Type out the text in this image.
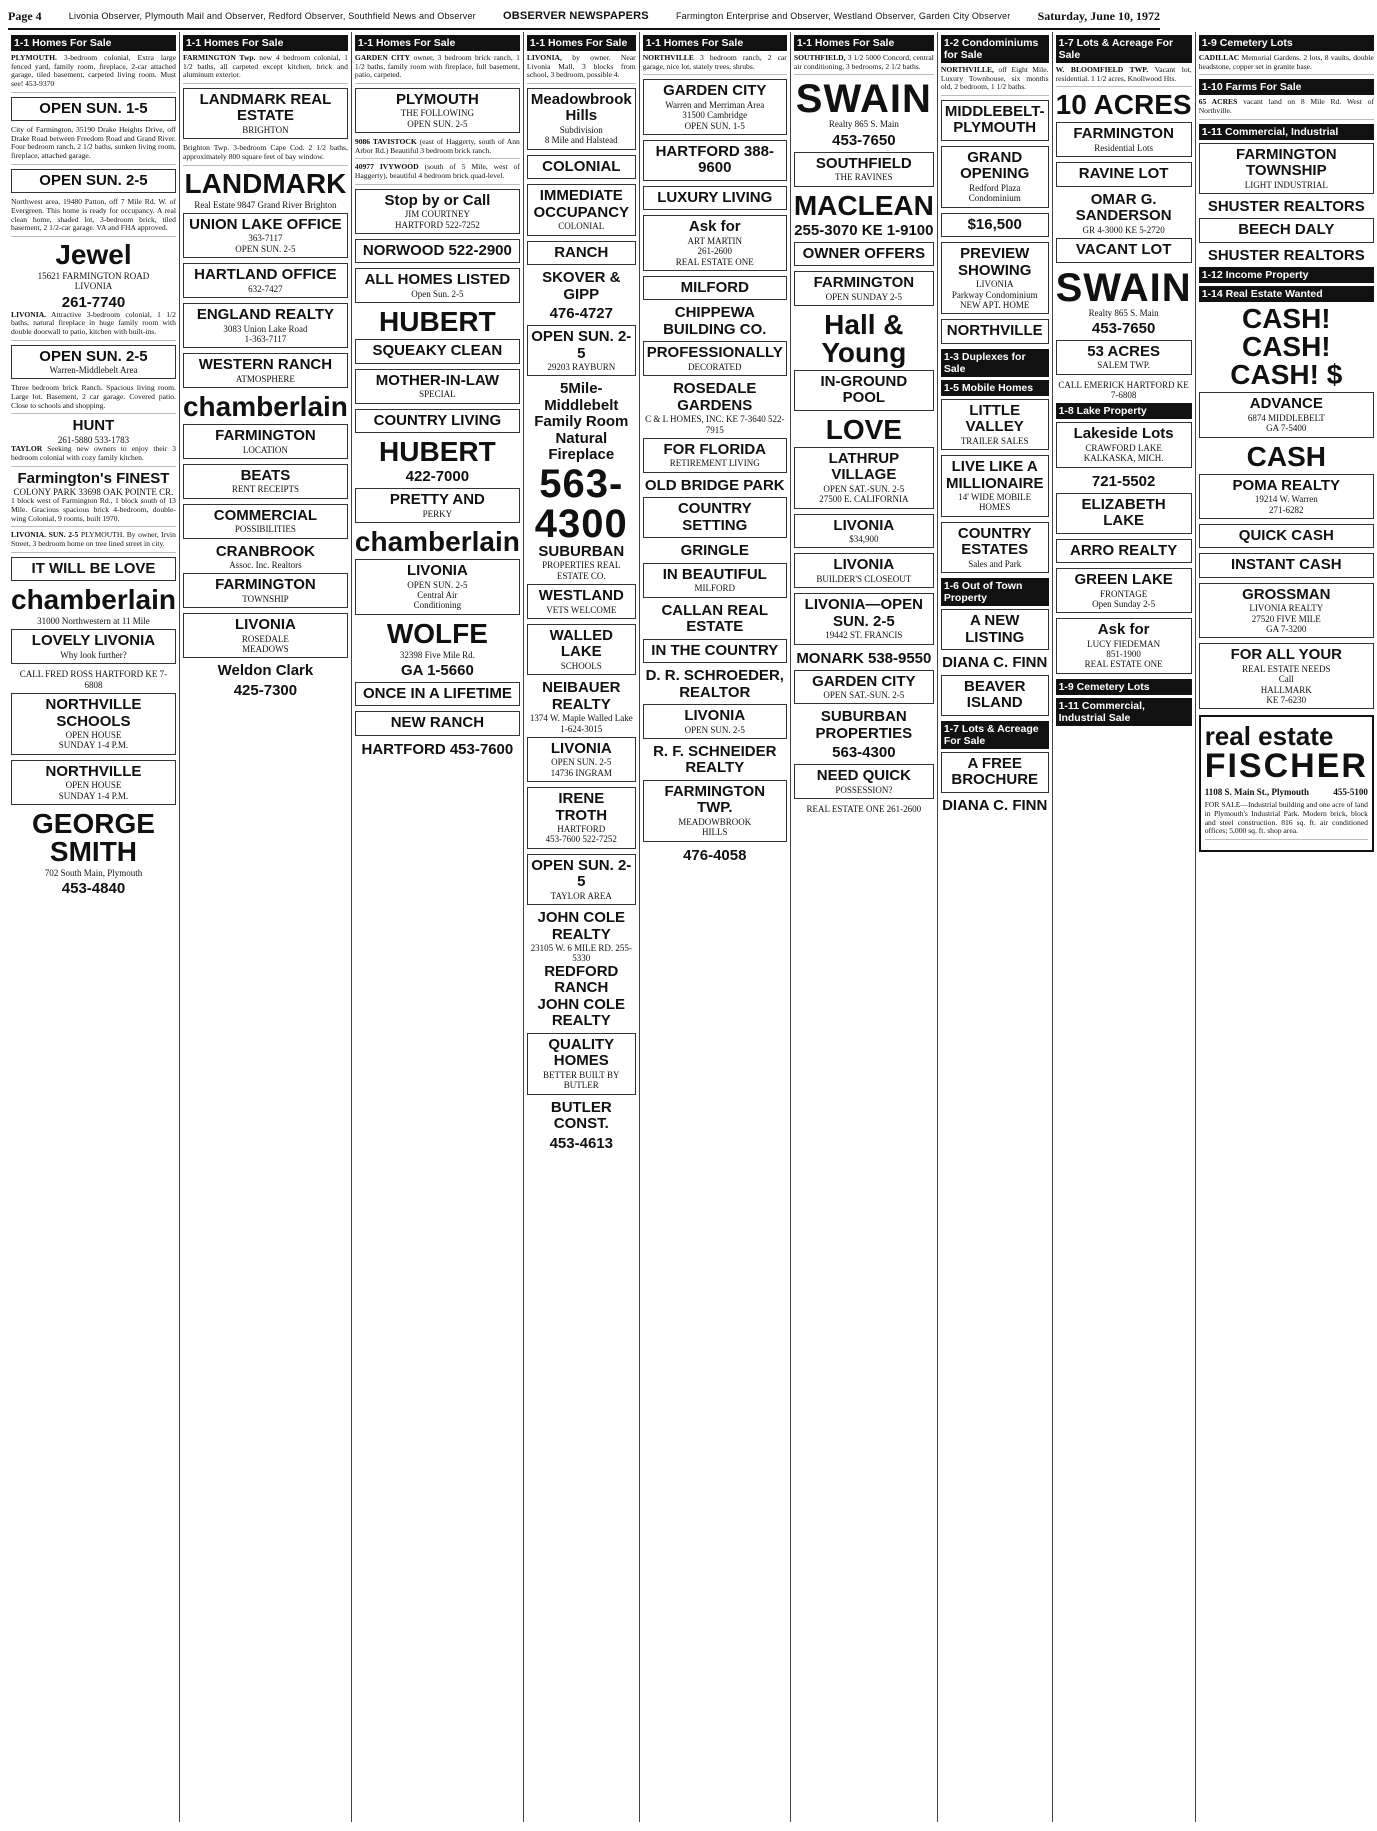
Page 4	Livonia Observer, Plymouth Mail and Observer, Redford Observer, Southfield News and Observer OBSERVER NEWSPAPERS	Farmington Enterprise and Observer, Westland Observer, Garden City Observer Saturday, June 10, 1972
1-1 Homes For Sale
PLYMOUTH. 3-bedroom colonial, Extra large fenced yard, family room, fireplace, 2-car attached garage, tiled basement, carpeted living room. Must see! 453-9370
OPEN SUN. 1-5
City of Farmington, 35190 Drake Heights Drive, off Drake Road between Freedom Road and Grand River. Four bedroom ranch, 2 1/2 baths, sunken living room, fireplace, attached garage.
OPEN SUN. 2-5
Northwest area, 19480 Patton, off 7 Mile Rd. W. of Evergreen. This home is ready for occupancy. A real clean home, shaded lot, 3-bedroom brick, tiled basement, 2 1/2-car garage. VA and FHA approved.
Jewel
15621 FARMINGTON ROAD
LIVONIA
261-7740
LIVONIA. Attractive 3-bedroom colonial, 1 1/2 baths, natural fireplace in huge family room with double doorwall to patio, kitchen with built-ins.
OPEN SUN. 2-5
Warren-Middlebelt Area
Three bedroom brick Ranch. Spacious living room. Large lot. Basement, 2 car garage. Covered patio. Close to schools and shopping.
HUNT
261-5880 533-1783
TAYLOR Seeking new owners to enjoy their 3 bedroom colonial with cozy family kitchen.
Farmington's FINEST
COLONY PARK 33698 OAK POINTE CR.
1 block west of Farmington Rd., 1 block south of 13 Mile. Gracious spacious brick 4-bedroom, double-wing Colonial, 9 rooms, built 1970.
LIVONIA. SUN. 2-5 PLYMOUTH. By owner, Irvin Street, 3 bedroom home on tree lined street in city.
IT WILL BE LOVE
chamberlain
31000 Northwestern at 11 Mile
LOVELY LIVONIA
Why look further?
CALL FRED ROSS HARTFORD KE 7-6808
NORTHVILLE SCHOOLS
OPEN HOUSE
SUNDAY 1-4 P.M.
NORTHVILLE
OPEN HOUSE
SUNDAY 1-4 P.M.
GEORGE SMITH
702 South Main, Plymouth
453-4840
1-1 Homes For Sale
FARMINGTON Twp. new 4 bedroom colonial, 1 1/2 baths, all carpeted except kitchen, brick and aluminum exterior.
LANDMARK REAL ESTATE
BRIGHTON
Brighton Twp. 3-bedroom Cape Cod. 2 1/2 baths, approximately 800 square feet of bay window.
LANDMARK
Real Estate 9847 Grand River Brighton
UNION LAKE OFFICE
363-7117
OPEN SUN. 2-5
HARTLAND OFFICE
632-7427
ENGLAND REALTY
3083 Union Lake Road
1-363-7117
WESTERN RANCH
ATMOSPHERE
chamberlain
FARMINGTON
LOCATION
BEATS
RENT RECEIPTS
COMMERCIAL
POSSIBILITIES
CRANBROOK
Assoc. Inc. Realtors
FARMINGTON
TOWNSHIP
LIVONIA
ROSEDALE
MEADOWS
Weldon Clark
425-7300
1-1 Homes For Sale
GARDEN CITY owner, 3 bedroom brick ranch, 1 1/2 baths, family room with fireplace, full basement, patio, carpeted.
PLYMOUTH
THE FOLLOWING
OPEN SUN. 2-5
9086 TAVISTOCK (east of Haggerty, south of Ann Arbor Rd.) Beautiful 3 bedroom brick ranch.
40977 IVYWOOD (south of 5 Mile, west of Haggerty), beautiful 4 bedroom brick quad-level.
Stop by or Call
JIM COURTNEY
HARTFORD 522-7252
NORWOOD 522-2900
ALL HOMES LISTED
Open Sun. 2-5
HUBERT
SQUEAKY CLEAN
MOTHER-IN-LAW
SPECIAL
COUNTRY LIVING
HUBERT
422-7000
PRETTY AND
PERKY
chamberlain
LIVONIA
OPEN SUN. 2-5
Central Air
Conditioning
WOLFE
32398 Five Mile Rd.
GA 1-5660
ONCE IN A LIFETIME
NEW RANCH
HARTFORD 453-7600
1-1 Homes For Sale
LIVONIA, by owner. Near Livonia Mall, 3 blocks from school, 3 bedroom, possible 4.
Meadowbrook Hills
Subdivision
8 Mile and Halstead
COLONIAL
IMMEDIATE OCCUPANCY
COLONIAL
RANCH
SKOVER & GIPP
476-4727
OPEN SUN. 2-5
29203 RAYBURN
5Mile-Middlebelt Family Room Natural Fireplace
563-4300
SUBURBAN
PROPERTIES REAL ESTATE CO.
WESTLAND
VETS WELCOME
WALLED LAKE
SCHOOLS
NEIBAUER REALTY
1374 W. Maple Walled Lake 1-624-3015
LIVONIA
OPEN SUN. 2-5
14736 INGRAM
IRENE TROTH
HARTFORD
453-7600 522-7252
OPEN SUN. 2-5
TAYLOR AREA
JOHN COLE REALTY
23105 W. 6 MILE RD. 255-5330
REDFORD RANCH
JOHN COLE REALTY
QUALITY HOMES
BETTER BUILT BY BUTLER
BUTLER CONST.
453-4613
1-1 Homes For Sale
NORTHVILLE 3 bedroom ranch, 2 car garage, nice lot, stately trees, shrubs.
GARDEN CITY
Warren and Merriman Area
31500 Cambridge
OPEN SUN. 1-5
HARTFORD 388-9600
LUXURY LIVING
Ask for
ART MARTIN
261-2600
REAL ESTATE ONE
MILFORD
CHIPPEWA BUILDING CO.
PROFESSIONALLY
DECORATED
ROSEDALE GARDENS
C & L HOMES, INC. KE 7-3640 522-7915
FOR FLORIDA
RETIREMENT LIVING
OLD BRIDGE PARK
COUNTRY SETTING
GRINGLE
IN BEAUTIFUL
MILFORD
CALLAN REAL ESTATE
IN THE COUNTRY
D. R. SCHROEDER, REALTOR
LIVONIA
OPEN SUN. 2-5
R. F. SCHNEIDER REALTY
FARMINGTON TWP.
MEADOWBROOK
HILLS
476-4058
1-1 Homes For Sale
SOUTHFIELD, 3 1/2 5000 Concord, central air conditioning, 3 bedrooms, 2 1/2 baths.
SWAIN
Realty 865 S. Main
453-7650
SOUTHFIELD
THE RAVINES
MACLEAN
255-3070 KE 1-9100
OWNER OFFERS
FARMINGTON
OPEN SUNDAY 2-5
Hall & Young
IN-GROUND POOL
LOVE
LATHRUP VILLAGE
OPEN SAT.-SUN. 2-5
27500 E. CALIFORNIA
LIVONIA
$34,900
LIVONIA
BUILDER'S CLOSEOUT
LIVONIA—OPEN SUN. 2-5
19442 ST. FRANCIS
MONARK 538-9550
GARDEN CITY
OPEN SAT.-SUN. 2-5
SUBURBAN PROPERTIES
563-4300
NEED QUICK
POSSESSION?
REAL ESTATE ONE 261-2600
1-2 Condominiums for Sale
NORTHVILLE, off Eight Mile. Luxury Townhouse, six months old, 2 bedroom, 1 1/2 baths.
MIDDLEBELT-PLYMOUTH
GRAND OPENING
Redford Plaza
Condominium
$16,500
PREVIEW SHOWING
LIVONIA
Parkway Condominium
NEW APT. HOME
NORTHVILLE
1-3 Duplexes for Sale
1-5 Mobile Homes
LITTLE VALLEY
TRAILER SALES
LIVE LIKE A MILLIONAIRE
14' WIDE MOBILE HOMES
COUNTRY ESTATES
Sales and Park
1-6 Out of Town Property
A NEW LISTING
DIANA C. FINN
BEAVER ISLAND
1-7 Lots & Acreage For Sale
A FREE BROCHURE
DIANA C. FINN
1-7 Lots & Acreage For Sale
W. BLOOMFIELD TWP. Vacant lot, residential. 1 1/2 acres, Knollwood Hts.
10 ACRES
FARMINGTON
Residential Lots
RAVINE LOT
OMAR G. SANDERSON
GR 4-3000 KE 5-2720
VACANT LOT
SWAIN
Realty 865 S. Main
453-7650
53 ACRES
SALEM TWP.
CALL EMERICK HARTFORD KE 7-6808
1-8 Lake Property
Lakeside Lots
CRAWFORD LAKE
KALKASKA, MICH.
721-5502
ELIZABETH LAKE
ARRO REALTY
GREEN LAKE
FRONTAGE
Open Sunday 2-5
Ask for
LUCY FIEDEMAN
851-1900
REAL ESTATE ONE
1-9 Cemetery Lots
1-11 Commercial, Industrial Sale
1-9 Cemetery Lots
CADILLAC Memorial Gardens. 2 lots, 8 vaults, double headstone, copper set in granite base.
1-10 Farms For Sale
65 ACRES vacant land on 8 Mile Rd. West of Northville.
1-11 Commercial, Industrial
FARMINGTON TOWNSHIP
LIGHT INDUSTRIAL
SHUSTER REALTORS
BEECH DALY
SHUSTER REALTORS
1-12 Income Property
1-14 Real Estate Wanted
CASH! CASH! CASH! $
ADVANCE
6874 MIDDLEBELT
GA 7-5400
CASH
POMA REALTY
19214 W. Warren
271-6282
QUICK CASH
INSTANT CASH
GROSSMAN
LIVONIA REALTY
27520 FIVE MILE
GA 7-3200
FOR ALL YOUR
REAL ESTATE NEEDS
Call
HALLMARK
KE 7-6230
real estate
FISCHER
1108 S. Main St., Plymouth	455-5100
FOR SALE—Industrial building and one acre of land in Plymouth's Industrial Park. Modern brick, block and steel construction. 816 sq. ft. air conditioned offices; 5,000 sq. ft. shop area.
